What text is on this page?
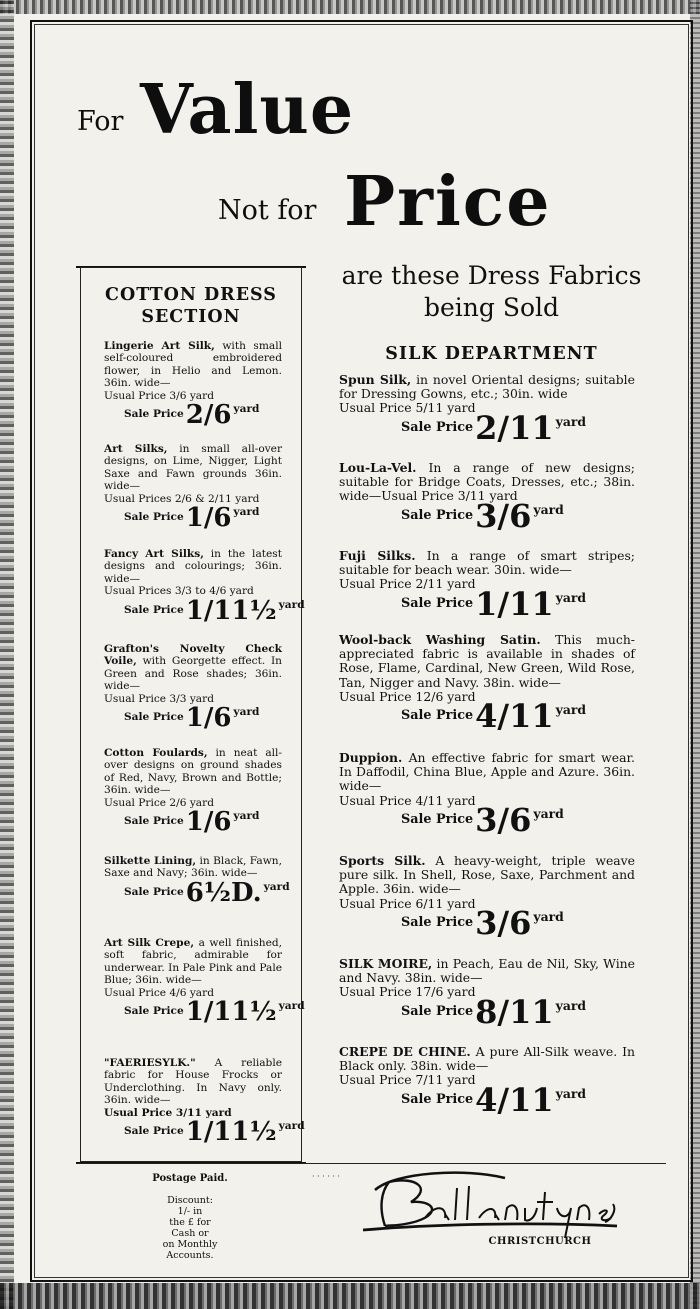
For Value
Not for Price
COTTON DRESS
SECTION
Lingerie Art Silk, with small self-coloured embroidered flower, in Helio and Lemon. 36in. wide—
Usual Price 3/6 yard
Sale Price2/6 yard
Art Silks, in small all-over designs, on Lime, Nigger, Light Saxe and Fawn grounds 36in. wide—
Usual Prices 2/6 & 2/11 yard
Sale Price1/6 yard
Fancy Art Silks, in the latest designs and colourings; 36in. wide—
Usual Prices 3/3 to 4/6 yard
Sale Price1/11½ yard
Grafton's Novelty Check Voile, with Georgette effect. In Green and Rose shades; 36in. wide—
Usual Price 3/3 yard
Sale Price1/6 yard
Cotton Foulards, in neat all-over designs on ground shades of Red, Navy, Brown and Bottle; 36in. wide—
Usual Price 2/6 yard
Sale Price1/6 yard
Silkette Lining, in Black, Fawn, Saxe and Navy; 36in. wide—
Sale Price6½D. yard
Art Silk Crepe, a well finished, soft fabric, admirable for underwear. In Pale Pink and Pale Blue; 36in. wide—
Usual Price 4/6 yard
Sale Price1/11½ yard
"FAERIESYLK." A reliable fabric for House Frocks or Underclothing. In Navy only. 36in. wide—
Usual Price 3/11 yard
Sale Price1/11½ yard
are these Dress Fabrics
being Sold
SILK DEPARTMENT
Spun Silk, in novel Oriental designs; suitable for Dressing Gowns, etc.; 30in. wide
Usual Price 5/11 yard
Sale Price2/11 yard
Lou-La-Vel. In a range of new designs; suitable for Bridge Coats, Dresses, etc.; 38in. wide—Usual Price 3/11 yard
Sale Price3/6 yard
Fuji Silks. In a range of smart stripes; suitable for beach wear. 30in. wide—
Usual Price 2/11 yard
Sale Price1/11 yard
Wool-back Washing Satin. This much-appreciated fabric is available in shades of Rose, Flame, Cardinal, New Green, Wild Rose, Tan, Nigger and Navy. 38in. wide—
Usual Price 12/6 yard
Sale Price4/11 yard
Duppion. An effective fabric for smart wear. In Daffodil, China Blue, Apple and Azure. 36in. wide—
Usual Price 4/11 yard
Sale Price3/6 yard
Sports Silk. A heavy-weight, triple weave pure silk. In Shell, Rose, Saxe, Parchment and Apple. 36in. wide—
Usual Price 6/11 yard
Sale Price3/6 yard
SILK MOIRE, in Peach, Eau de Nil, Sky, Wine and Navy. 38in. wide—
Usual Price 17/6 yard
Sale Price8/11 yard
CREPE DE CHINE. A pure All-Silk weave. In Black only. 38in. wide—
Usual Price 7/11 yard
Sale Price4/11 yard
Postage Paid.
Discount:
1/- in
the £ for
Cash or
on Monthly
Accounts.
· · · · · ·
CHRISTCHURCH
